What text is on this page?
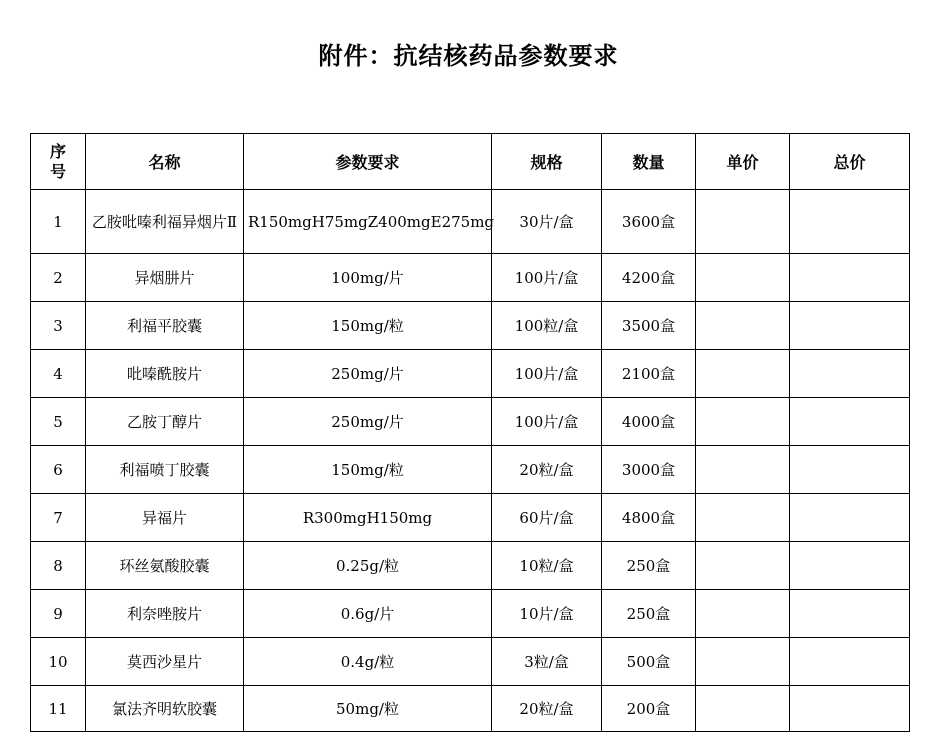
附件：抗结核药品参数要求
序号	名称	参数要求	规格	数量	单价	总价
1	乙胺吡嗪利福异烟片Ⅱ	R150mgH75mgZ400mgE275mg	30片/盒	3600盒		
2	异烟肼片	100mg/片	100片/盒	4200盒		
3	利福平胶囊	150mg/粒	100粒/盒	3500盒		
4	吡嗪酰胺片	250mg/片	100片/盒	2100盒		
5	乙胺丁醇片	250mg/片	100片/盒	4000盒		
6	利福喷丁胶囊	150mg/粒	20粒/盒	3000盒		
7	异福片	R300mgH150mg	60片/盒	4800盒		
8	环丝氨酸胶囊	0.25g/粒	10粒/盒	250盒		
9	利奈唑胺片	0.6g/片	10片/盒	250盒		
10	莫西沙星片	0.4g/粒	3粒/盒	500盒		
11	氯法齐明软胶囊	50mg/粒	20粒/盒	200盒		
